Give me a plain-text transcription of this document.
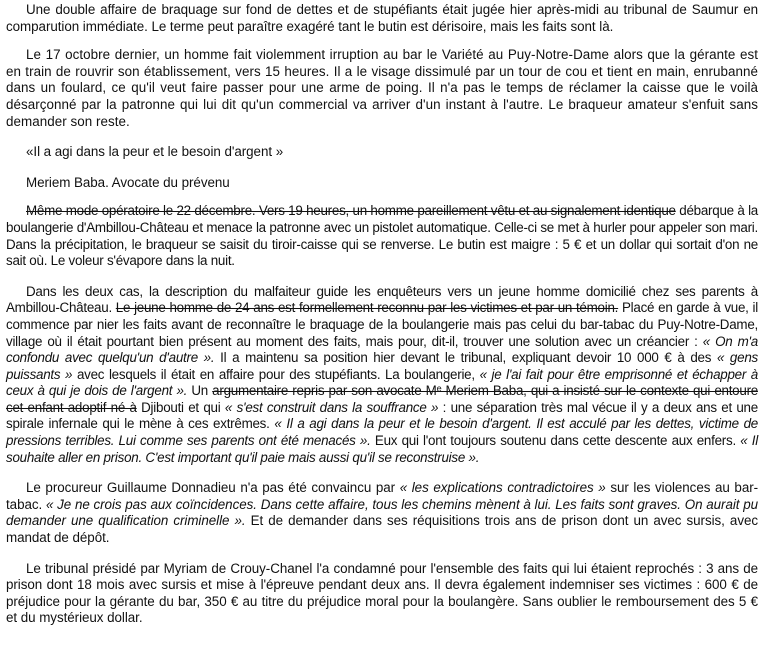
Une double affaire de braquage sur fond de dettes et de stupéfiants était jugée hier après-midi au tribunal de Saumur en comparution immédiate. Le terme peut paraître exagéré tant le butin est dérisoire, mais les faits sont là.

Le 17 octobre dernier, un homme fait violemment irruption au bar le Variété au Puy-Notre-Dame alors que la gérante est en train de rouvrir son établissement, vers 15 heures. Il a le visage dissimulé par un tour de cou et tient en main, enrubanné dans un foulard, ce qu'il veut faire passer pour une arme de poing. Il n'a pas le temps de réclamer la caisse que le voilà désarçonné par la patronne qui lui dit qu'un commercial va arriver d'un instant à l'autre. Le braqueur amateur s'enfuit sans demander son reste.

«Il a agi dans la peur et le besoin d'argent »

Meriem Baba. Avocate du prévenu

Même mode opératoire le 22 décembre. Vers 19 heures, un homme pareillement vêtu et au signalement identique débarque à la boulangerie d'Ambillou-Château et menace la patronne avec un pistolet automatique. Celle-ci se met à hurler pour appeler son mari. Dans la précipitation, le braqueur se saisit du tiroir-caisse qui se renverse. Le butin est maigre : 5 € et un dollar qui sortait d'on ne sait où. Le voleur s'évapore dans la nuit.

Dans les deux cas, la description du malfaiteur guide les enquêteurs vers un jeune homme domicilié chez ses parents à Ambillou-Château. Le jeune homme de 24 ans est formellement reconnu par les victimes et par un témoin. Placé en garde à vue, il commence par nier les faits avant de reconnaître le braquage de la boulangerie mais pas celui du bar-tabac du Puy-Notre-Dame, village où il était pourtant bien présent au moment des faits, mais pour, dit-il, trouver une solution avec un créancier : « On m'a confondu avec quelqu'un d'autre ». Il a maintenu sa position hier devant le tribunal, expliquant devoir 10 000 € à des « gens puissants » avec lesquels il était en affaire pour des stupéfiants. La boulangerie, « je l'ai fait pour être emprisonné et échapper à ceux à qui je dois de l'argent ». Un argumentaire repris par son avocate Mᵉ Meriem Baba, qui a insisté sur le contexte qui entoure cet enfant adoptif né à Djibouti et qui « s'est construit dans la souffrance » : une séparation très mal vécue il y a deux ans et une spirale infernale qui le mène à ces extrêmes. « Il a agi dans la peur et le besoin d'argent. Il est acculé par les dettes, victime de pressions terribles. Lui comme ses parents ont été menacés ». Eux qui l'ont toujours soutenu dans cette descente aux enfers. « Il souhaite aller en prison. C'est important qu'il paie mais aussi qu'il se reconstruise ».

Le procureur Guillaume Donnadieu n'a pas été convaincu par « les explications contradictoires » sur les violences au bar-tabac. « Je ne crois pas aux coïncidences. Dans cette affaire, tous les chemins mènent à lui. Les faits sont graves. On aurait pu demander une qualification criminelle ». Et de demander dans ses réquisitions trois ans de prison dont un avec sursis, avec mandat de dépôt.

Le tribunal présidé par Myriam de Crouy-Chanel l'a condamné pour l'ensemble des faits qui lui étaient reprochés : 3 ans de prison dont 18 mois avec sursis et mise à l'épreuve pendant deux ans. Il devra également indemniser ses victimes : 600 € de préjudice pour la gérante du bar, 350 € au titre du préjudice moral pour la boulangère. Sans oublier le remboursement des 5 € et du mystérieux dollar.
